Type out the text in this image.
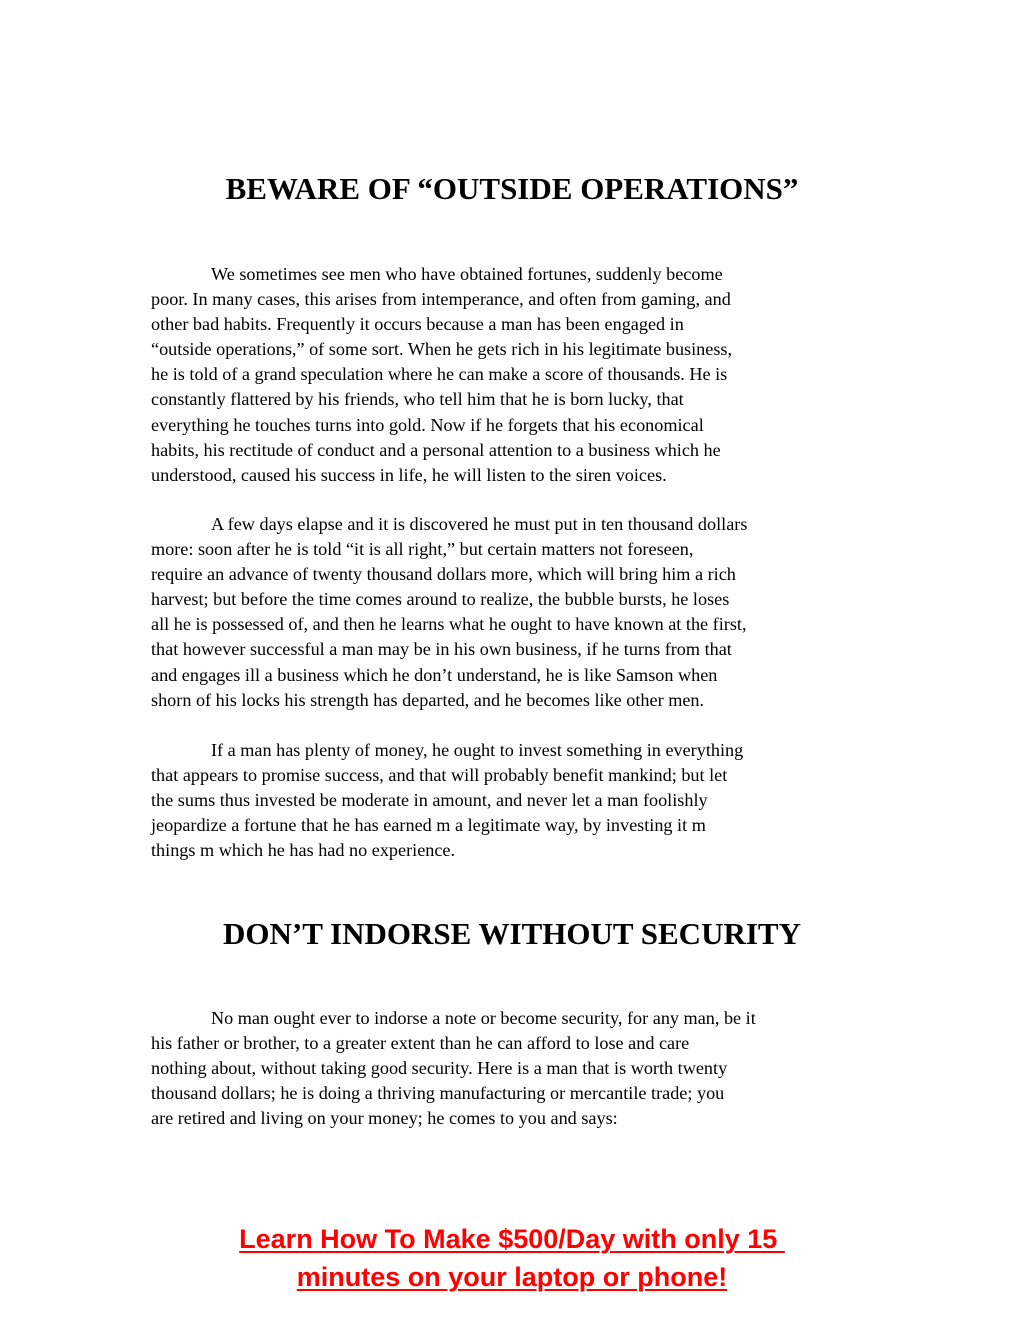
BEWARE OF “OUTSIDE OPERATIONS”

We sometimes see men who have obtained fortunes, suddenly become
poor. In many cases, this arises from intemperance, and often from gaming, and
other bad habits. Frequently it occurs because a man has been engaged in
“outside operations,” of some sort. When he gets rich in his legitimate business,
he is told of a grand speculation where he can make a score of thousands. He is
constantly flattered by his friends, who tell him that he is born lucky, that
everything he touches turns into gold. Now if he forgets that his economical
habits, his rectitude of conduct and a personal attention to a business which he
understood, caused his success in life, he will listen to the siren voices.

A few days elapse and it is discovered he must put in ten thousand dollars
more: soon after he is told “it is all right,” but certain matters not foreseen,
require an advance of twenty thousand dollars more, which will bring him a rich
harvest; but before the time comes around to realize, the bubble bursts, he loses
all he is possessed of, and then he learns what he ought to have known at the first,
that however successful a man may be in his own business, if he turns from that
and engages ill a business which he don’t understand, he is like Samson when
shorn of his locks his strength has departed, and he becomes like other men.

If a man has plenty of money, he ought to invest something in everything
that appears to promise success, and that will probably benefit mankind; but let
the sums thus invested be moderate in amount, and never let a man foolishly
jeopardize a fortune that he has earned m a legitimate way, by investing it m
things m which he has had no experience.

DON’T INDORSE WITHOUT SECURITY

No man ought ever to indorse a note or become security, for any man, be it
his father or brother, to a greater extent than he can afford to lose and care
nothing about, without taking good security. Here is a man that is worth twenty
thousand dollars; he is doing a thriving manufacturing or mercantile trade; you
are retired and living on your money; he comes to you and says:

Learn How To Make $500/Day with only 15
minutes on your laptop or phone!
